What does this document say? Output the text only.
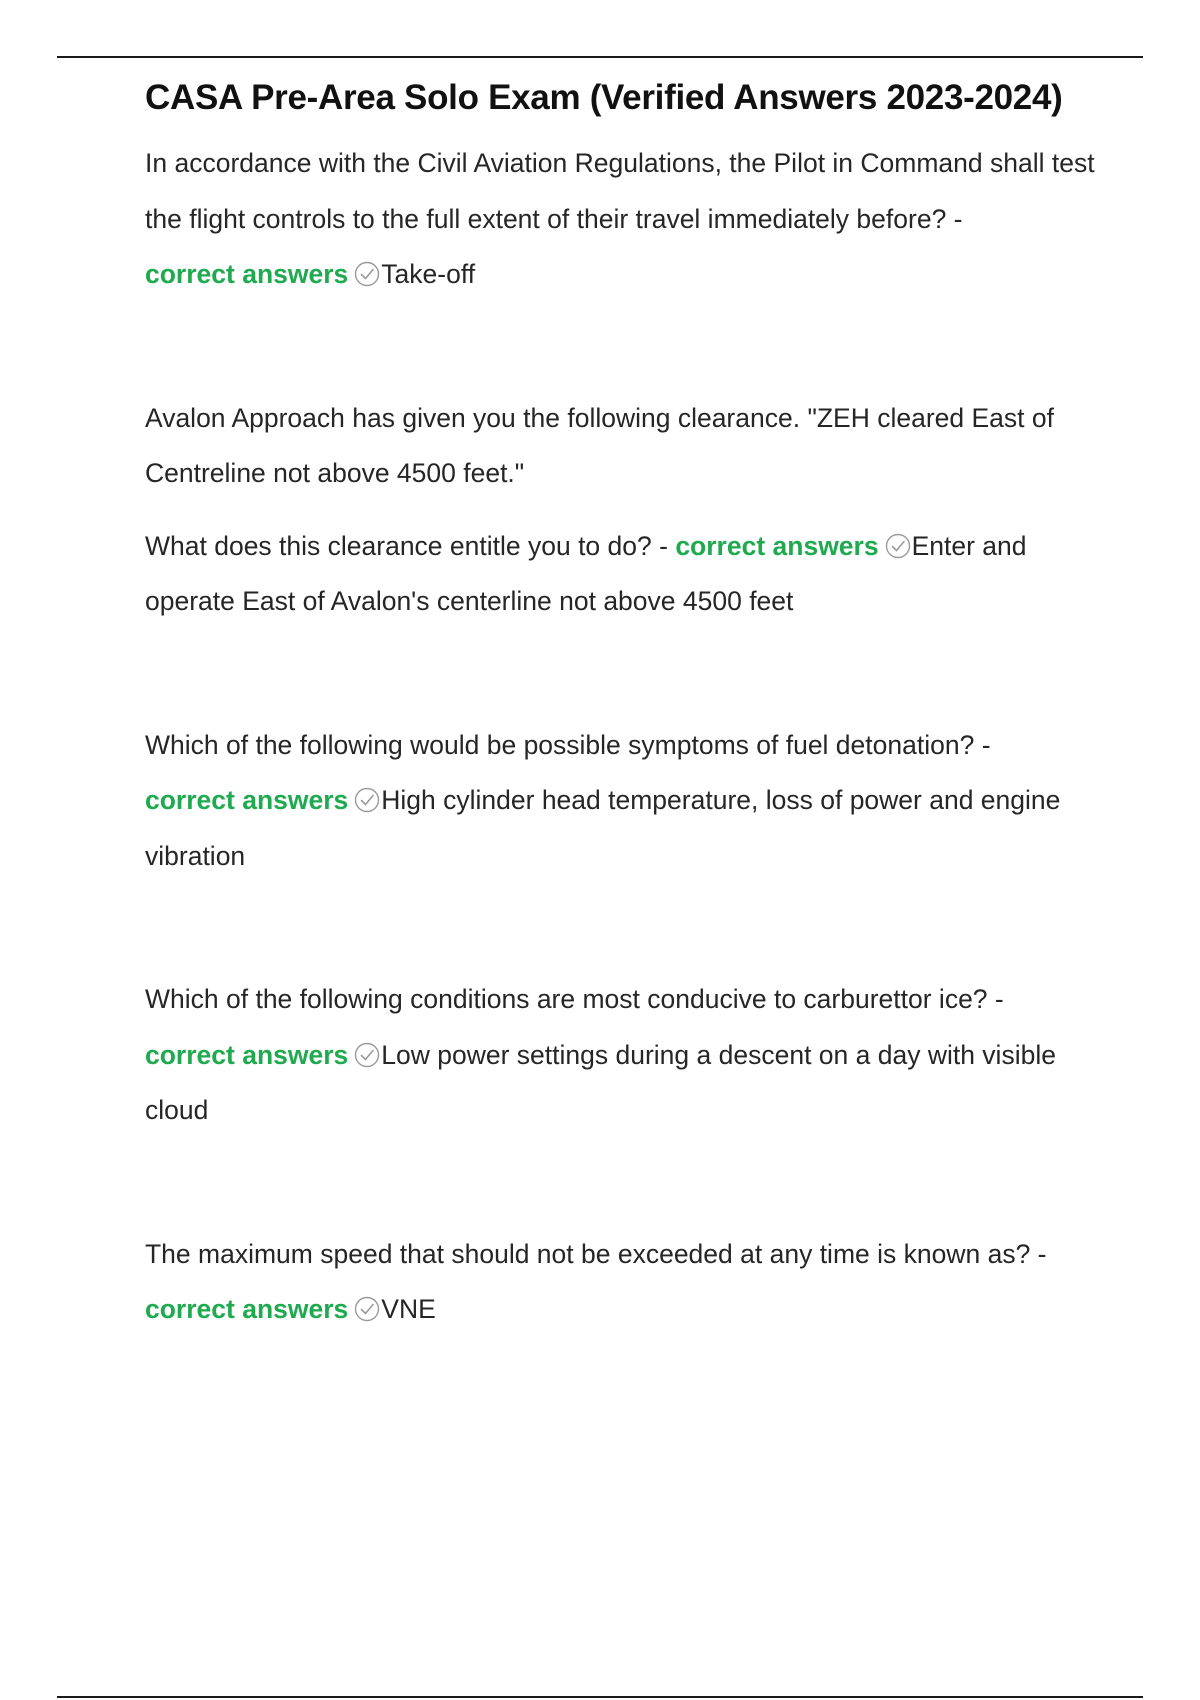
CASA Pre-Area Solo Exam (Verified Answers 2023-2024)

In accordance with the Civil Aviation Regulations, the Pilot in Command shall test the flight controls to the full extent of their travel immediately before? -
correct answers Take-off

Avalon Approach has given you the following clearance. "ZEH cleared East of Centreline not above 4500 feet."

What does this clearance entitle you to do? - correct answers Enter and operate East of Avalon's centerline not above 4500 feet

Which of the following would be possible symptoms of fuel detonation? -
correct answers High cylinder head temperature, loss of power and engine vibration

Which of the following conditions are most conducive to carburettor ice? -
correct answers Low power settings during a descent on a day with visible cloud

The maximum speed that should not be exceeded at any time is known as? -
correct answers VNE
